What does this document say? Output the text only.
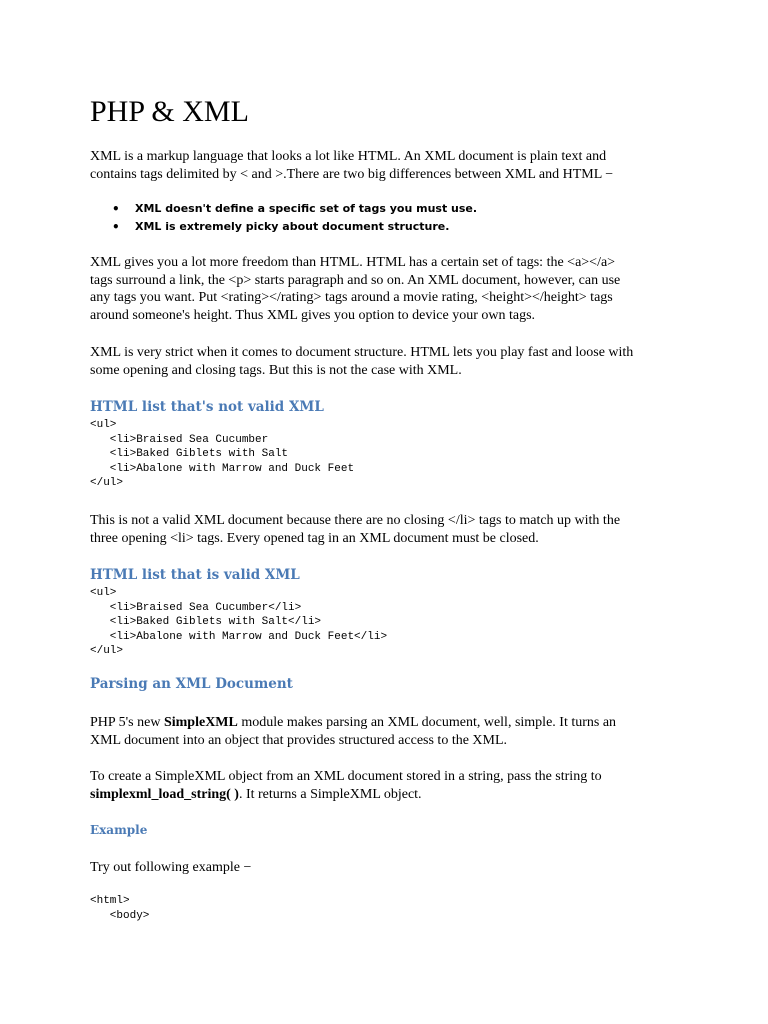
PHP & XML

XML is a markup language that looks a lot like HTML. An XML document is plain text and
contains tags delimited by < and >.There are two big differences between XML and HTML −

• XML doesn't define a specific set of tags you must use.
• XML is extremely picky about document structure.

XML gives you a lot more freedom than HTML. HTML has a certain set of tags: the <a></a>
tags surround a link, the <p> starts paragraph and so on. An XML document, however, can use
any tags you want. Put <rating></rating> tags around a movie rating, <height></height> tags
around someone's height. Thus XML gives you option to device your own tags.

XML is very strict when it comes to document structure. HTML lets you play fast and loose with
some opening and closing tags. But this is not the case with XML.

HTML list that's not valid XML
<ul>
<li>Braised Sea Cucumber
<li>Baked Giblets with Salt
<li>Abalone with Marrow and Duck Feet
</ul>

This is not a valid XML document because there are no closing </li> tags to match up with the
three opening <li> tags. Every opened tag in an XML document must be closed.

HTML list that is valid XML
<ul>
<li>Braised Sea Cucumber</li>
<li>Baked Giblets with Salt</li>
<li>Abalone with Marrow and Duck Feet</li>
</ul>
Parsing an XML Document

PHP 5's new SimpleXML module makes parsing an XML document, well, simple. It turns an
XML document into an object that provides structured access to the XML.

To create a SimpleXML object from an XML document stored in a string, pass the string to
simplexml_load_string( ). It returns a SimpleXML object.

Example

Try out following example −

<html>
<body>
